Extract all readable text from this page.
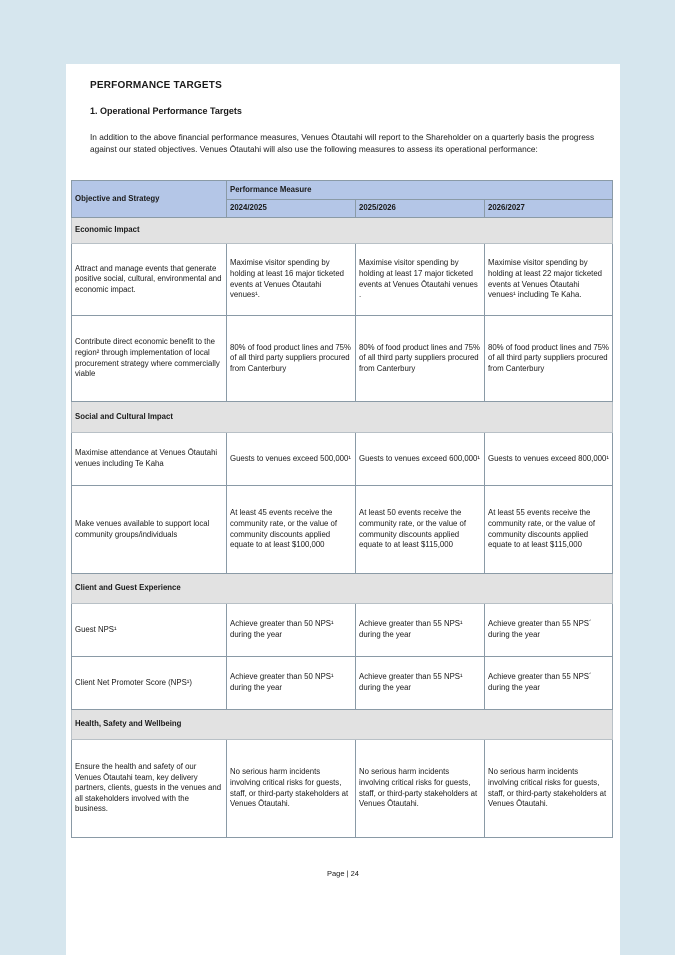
PERFORMANCE TARGETS
1. Operational Performance Targets
In addition to the above financial performance measures, Venues Ōtautahi will report to the Shareholder on a quarterly basis the progress against our stated objectives. Venues Ōtautahi will also use the following measures to assess its operational performance:
Objective and Strategy	Performance Measure		
	2024/2025	2025/2026	2026/2027
Economic Impact			
Attract and manage events that generate positive social, cultural, environmental and economic impact.	Maximise visitor spending by holding at least 16 major ticketed events at Venues Ōtautahi venues¹.	Maximise visitor spending by holding at least 17 major ticketed events at Venues Ōtautahi venues .	Maximise visitor spending by holding at least 22 major ticketed events at Venues Ōtautahi venues¹ including Te Kaha.
Contribute direct economic benefit to the region² through implementation of local procurement strategy where commercially viable	80% of food product lines and 75% of all third party suppliers procured from Canterbury	80% of food product lines and 75% of all third party suppliers procured from Canterbury	80% of food product lines and 75% of all third party suppliers procured from Canterbury
Social and Cultural Impact			
Maximise attendance at Venues Ōtautahi venues including Te Kaha	Guests to venues exceed 500,000¹	Guests to venues exceed 600,000¹	Guests to venues exceed 800,000¹
Make venues available to support local community groups/individuals	At least 45 events receive the community rate, or the value of community discounts applied equate to at least $100,000	At least 50 events receive the community rate, or the value of community discounts applied equate to at least $115,000	At least 55 events receive the community rate, or the value of community discounts applied equate to at least $115,000
Client and Guest Experience			
Guest NPS¹	Achieve greater than 50 NPS¹ during the year	Achieve greater than 55 NPS¹ during the year	Achieve greater than 55 NPS´ during the year
Client Net Promoter Score (NPS¹)	Achieve greater than 50 NPS¹ during the year	Achieve greater than 55 NPS¹ during the year	Achieve greater than 55 NPS´ during the year
Health, Safety and Wellbeing			
Ensure the health and safety of our Venues Ōtautahi team, key delivery partners, clients, guests in the venues and all stakeholders involved with the business.	No serious harm incidents involving critical risks for guests, staff, or third-party stakeholders at Venues Ōtautahi.	No serious harm incidents involving critical risks for guests, staff, or third-party stakeholders at Venues Ōtautahi.	No serious harm incidents involving critical risks for guests, staff, or third-party stakeholders at Venues Ōtautahi.
Page | 24
